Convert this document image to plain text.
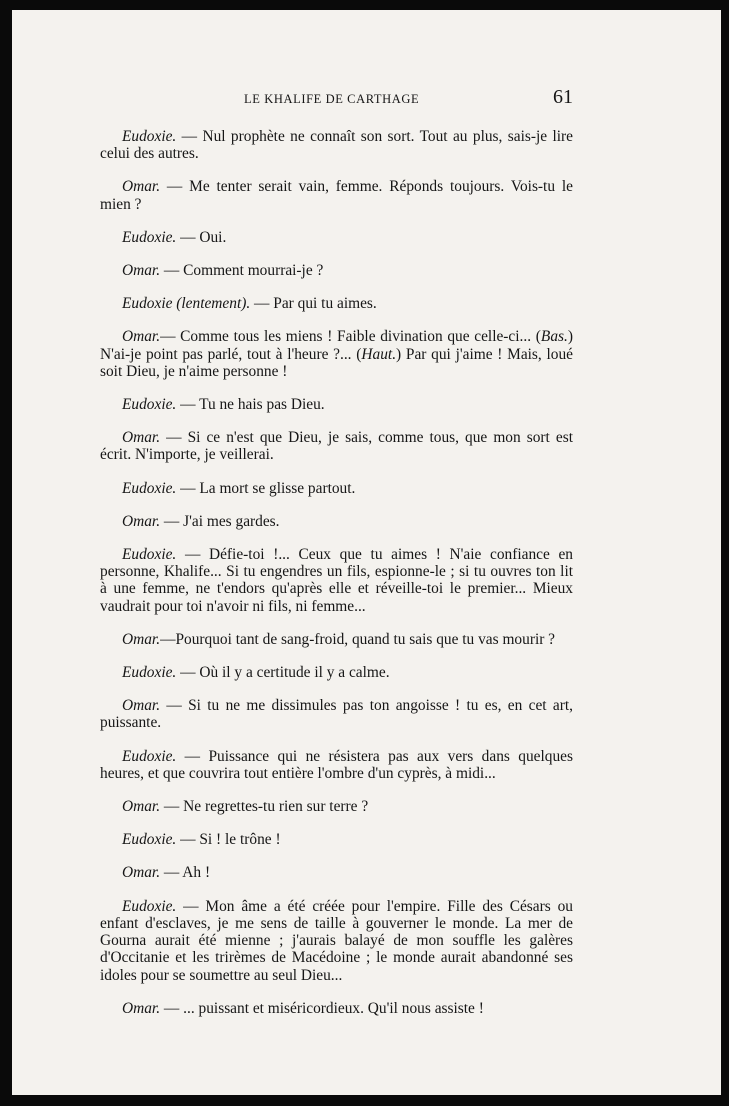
LE KHALIFE DE CARTHAGE	61

Eudoxie. — Nul prophète ne connaît son sort. Tout au plus, sais-je lire celui des autres.

Omar. — Me tenter serait vain, femme. Réponds toujours. Vois-tu le mien ?

Eudoxie. — Oui.

Omar. — Comment mourrai-je ?

Eudoxie (lentement). — Par qui tu aimes.

Omar.— Comme tous les miens ! Faible divination que celle-ci... (Bas.) N'ai-je point pas parlé, tout à l'heure ?... (Haut.) Par qui j'aime ! Mais, loué soit Dieu, je n'aime personne !

Eudoxie. — Tu ne hais pas Dieu.

Omar. — Si ce n'est que Dieu, je sais, comme tous, que mon sort est écrit. N'importe, je veillerai.

Eudoxie. — La mort se glisse partout.

Omar. — J'ai mes gardes.

Eudoxie. — Défie-toi !... Ceux que tu aimes ! N'aie confiance en personne, Khalife... Si tu engendres un fils, espionne-le ; si tu ouvres ton lit à une femme, ne t'endors qu'après elle et réveille-toi le premier... Mieux vaudrait pour toi n'avoir ni fils, ni femme...

Omar.—Pourquoi tant de sang-froid, quand tu sais que tu vas mourir ?

Eudoxie. — Où il y a certitude il y a calme.

Omar. — Si tu ne me dissimules pas ton angoisse ! tu es, en cet art, puissante.

Eudoxie. — Puissance qui ne résistera pas aux vers dans quelques heures, et que couvrira tout entière l'ombre d'un cyprès, à midi...

Omar. — Ne regrettes-tu rien sur terre ?

Eudoxie. — Si ! le trône !

Omar. — Ah !

Eudoxie. — Mon âme a été créée pour l'empire. Fille des Césars ou enfant d'esclaves, je me sens de taille à gouverner le monde. La mer de Gourna aurait été mienne ; j'aurais balayé de mon souffle les galères d'Occitanie et les trirèmes de Macédoine ; le monde aurait abandonné ses idoles pour se soumettre au seul Dieu...

Omar. — ... puissant et miséricordieux. Qu'il nous assiste !
